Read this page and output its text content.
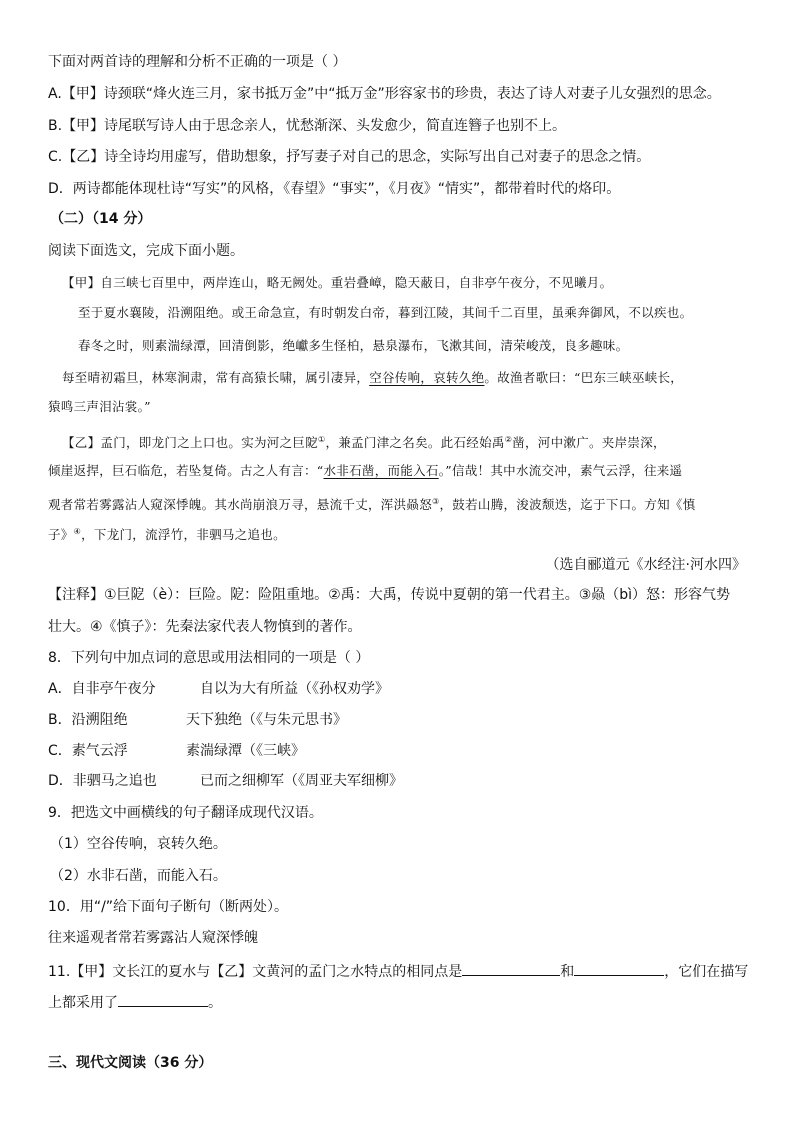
下面对两首诗的理解和分析不正确的一项是（ ）
A.【甲】诗颈联“烽火连三月，家书抵万金”中“抵万金”形容家书的珍贵，表达了诗人对妻子儿女强烈的思念。
B.【甲】诗尾联写诗人由于思念亲人，忧愁渐深、头发愈少，简直连簪子也别不上。
C.【乙】诗全诗均用虚写，借助想象，抒写妻子对自己的思念，实际写出自己对妻子的思念之情。
D．两诗都能体现杜诗“写实”的风格，《春望》“事实”，《月夜》“情实”，都带着时代的烙印。
（二）（14 分）
阅读下面选文，完成下面小题。
【甲】自三峡七百里中，两岸连山，略无阙处。重岩叠嶂，隐天蔽日，自非亭午夜分，不见曦月。
至于夏水襄陵，沿溯阻绝。或王命急宣，有时朝发白帝，暮到江陵，其间千二百里，虽乘奔御风，不以疾也。
春冬之时，则素湍绿潭，回清倒影，绝巘多生怪柏，悬泉瀑布，飞漱其间，清荣峻茂，良多趣味。
每至晴初霜旦，林寒涧肃，常有高猿长啸，属引凄异，空谷传响，哀转久绝。故渔者歌曰：“巴东三峡巫峡长，
猿鸣三声泪沾裳。”
【乙】孟门，即龙门之上口也。实为河之巨阸①，兼孟门津之名矣。此石经始禹②凿，河中漱广。夹岸崇深，
倾崖返捍，巨石临危，若坠复倚。古之人有言：“水非石凿，而能入石。”信哉！其中水流交冲，素气云浮，往来遥
观者常若雾露沾人窥深悸魄。其水尚崩浪万寻，悬流千丈，浑洪赑怒③，鼓若山腾，浚波颓迭，迄于下口。方知《慎
子》④，下龙门，流浮竹，非驷马之追也。
（选自郦道元《水经注·河水四》
【注释】①巨阸（è）：巨险。阸：险阻重地。②禹：大禹，传说中夏朝的第一代君主。③赑（bì）怒：形容气势
壮大。④《慎子》：先秦法家代表人物慎到的著作。
8．下列句中加点词的意思或用法相同的一项是（ ）
A．自非亭午夜分	自以为大有所益（《孙权劝学》
B．沿溯阻绝	天下独绝（《与朱元思书》
C．素气云浮	素湍绿潭（《三峡》
D．非驷马之追也	已而之细柳军（《周亚夫军细柳》
9．把选文中画横线的句子翻译成现代汉语。
（1）空谷传响，哀转久绝。
（2）水非石凿，而能入石。
10．用“/”给下面句子断句（断两处）。
往来遥观者常若雾露沾人窥深悸魄
11.【甲】文长江的夏水与【乙】文黄河的孟门之水特点的相同点是	和	，它们在描写
上都采用了	。
三、现代文阅读（36 分）
